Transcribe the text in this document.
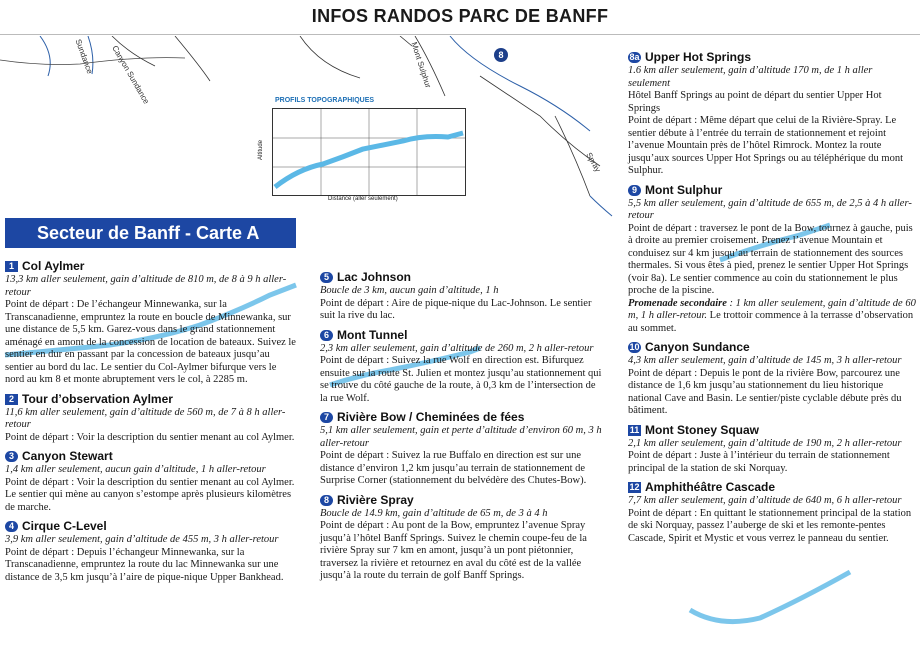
INFOS RANDOS PARC DE BANFF
Sundance	Mont Sulphur
Canyon Sundance
Spray
8
PROFILS TOPOGRAPHIQUES
Distance (aller seulement)
Altitude
Secteur de Banff - Carte A
1 Col Aylmer
13,3 km aller seulement, gain d’altitude de 810 m, de 8 à 9 h aller-retour
Point de départ : De l’échangeur Minnewanka, sur la Transcanadienne, empruntez la route en boucle de Minnewanka, sur une distance de 5,5 km. Garez-vous dans le grand stationnement aménagé en amont de la concession de location de bateaux. Suivez le sentier en dur en passant par la concession de bateaux jusqu’au sentier au bord du lac. Le sentier du Col-Aylmer bifurque vers le nord au km 8 et monte abruptement vers le col, à 2285 m.
2 Tour d’observation Aylmer
11,6 km aller seulement, gain d’altitude de 560 m, de 7 à 8 h aller-retour
Point de départ : Voir la description du sentier menant au col Aylmer.
3 Canyon Stewart
1,4 km aller seulement, aucun gain d’altitude, 1 h aller-retour
Point de départ : Voir la description du sentier menant au col Aylmer. Le sentier qui mène au canyon s’estompe après plusieurs kilomètres de marche.
4 Cirque C-Level
3,9 km aller seulement, gain d’altitude de 455 m, 3 h aller-retour
Point de départ : Depuis l’échangeur Minnewanka, sur la Transcanadienne, empruntez la route du lac Minnewanka sur une distance de 3,5 km jusqu’à l’aire de pique-nique Upper Bankhead.
5 Lac Johnson
Boucle de 3 km, aucun gain d’altitude, 1 h
Point de départ : Aire de pique-nique du Lac-Johnson. Le sentier suit la rive du lac.
6 Mont Tunnel
2,3 km aller seulement, gain d’altitude de 260 m, 2 h aller-retour
Point de départ : Suivez la rue Wolf en direction est. Bifurquez ensuite sur la route St. Julien et montez jusqu’au stationnement qui se trouve du côté gauche de la route, à 0,3 km de l’intersection de la rue Wolf.
7 Rivière Bow / Cheminées de fées
5,1 km aller seulement, gain et perte d’altitude d’environ 60 m, 3 h aller-retour
Point de départ : Suivez la rue Buffalo en direction est sur une distance d’environ 1,2 km jusqu’au terrain de stationnement de Surprise Corner (stationnement du belvédère des Chutes-Bow).
8 Rivière Spray
Boucle de 14.9 km, gain d’altitude de 65 m, de 3 à 4 h
Point de départ : Au pont de la Bow, empruntez l’avenue Spray jusqu’à l’hôtel Banff Springs. Suivez le chemin coupe-feu de la rivière Spray sur 7 km en amont, jusqu’à un pont piétonnier, traversez la rivière et retournez en aval du côté est de la vallée jusqu’à la route du terrain de golf Banff Springs.
8a Upper Hot Springs
1.6 km aller seulement, gain d’altitude 170 m, de 1 h aller seulement
Hôtel Banff Springs au point de départ du sentier Upper Hot Springs
Point de départ : Même départ que celui de la Rivière-Spray. Le sentier débute à l’entrée du terrain de stationnement et rejoint l’avenue Mountain près de l’hôtel Rimrock. Montez la route jusqu’aux sources Upper Hot Springs ou au téléphérique du mont Sulphur.
9 Mont Sulphur
5,5 km aller seulement, gain d’altitude de 655 m, de 2,5 à 4 h aller-retour
Point de départ : traversez le pont de la Bow, tournez à gauche, puis à droite au premier croisement. Prenez l’avenue Mountain et conduisez sur 4 km jusqu’au terrain de stationnement des sources thermales. Si vous êtes à pied, prenez le sentier Upper Hot Springs (voir 8a). Le sentier commence au coin du stationnement le plus proche de la piscine.
Promenade secondaire : 1 km aller seulement, gain d’altitude de 60 m, 1 h aller-retour. Le trottoir commence à la terrasse d’observation au sommet.
10 Canyon Sundance
4,3 km aller seulement, gain d’altitude de 145 m, 3 h aller-retour
Point de départ : Depuis le pont de la rivière Bow, parcourez une distance de 1,6 km jusqu’au stationnement du lieu historique national Cave and Basin. Le sentier/piste cyclable débute près du bâtiment.
11 Mont Stoney Squaw
2,1 km aller seulement, gain d’altitude de 190 m, 2 h aller-retour
Point de départ : Juste à l’intérieur du terrain de stationnement principal de la station de ski Norquay.
12 Amphithéâtre Cascade
7,7 km aller seulement, gain d’altitude de 640 m, 6 h aller-retour
Point de départ : En quittant le stationnement principal de la station de ski Norquay, passez l’auberge de ski et les remonte-pentes Cascade, Spirit et Mystic et vous verrez le panneau du sentier.
